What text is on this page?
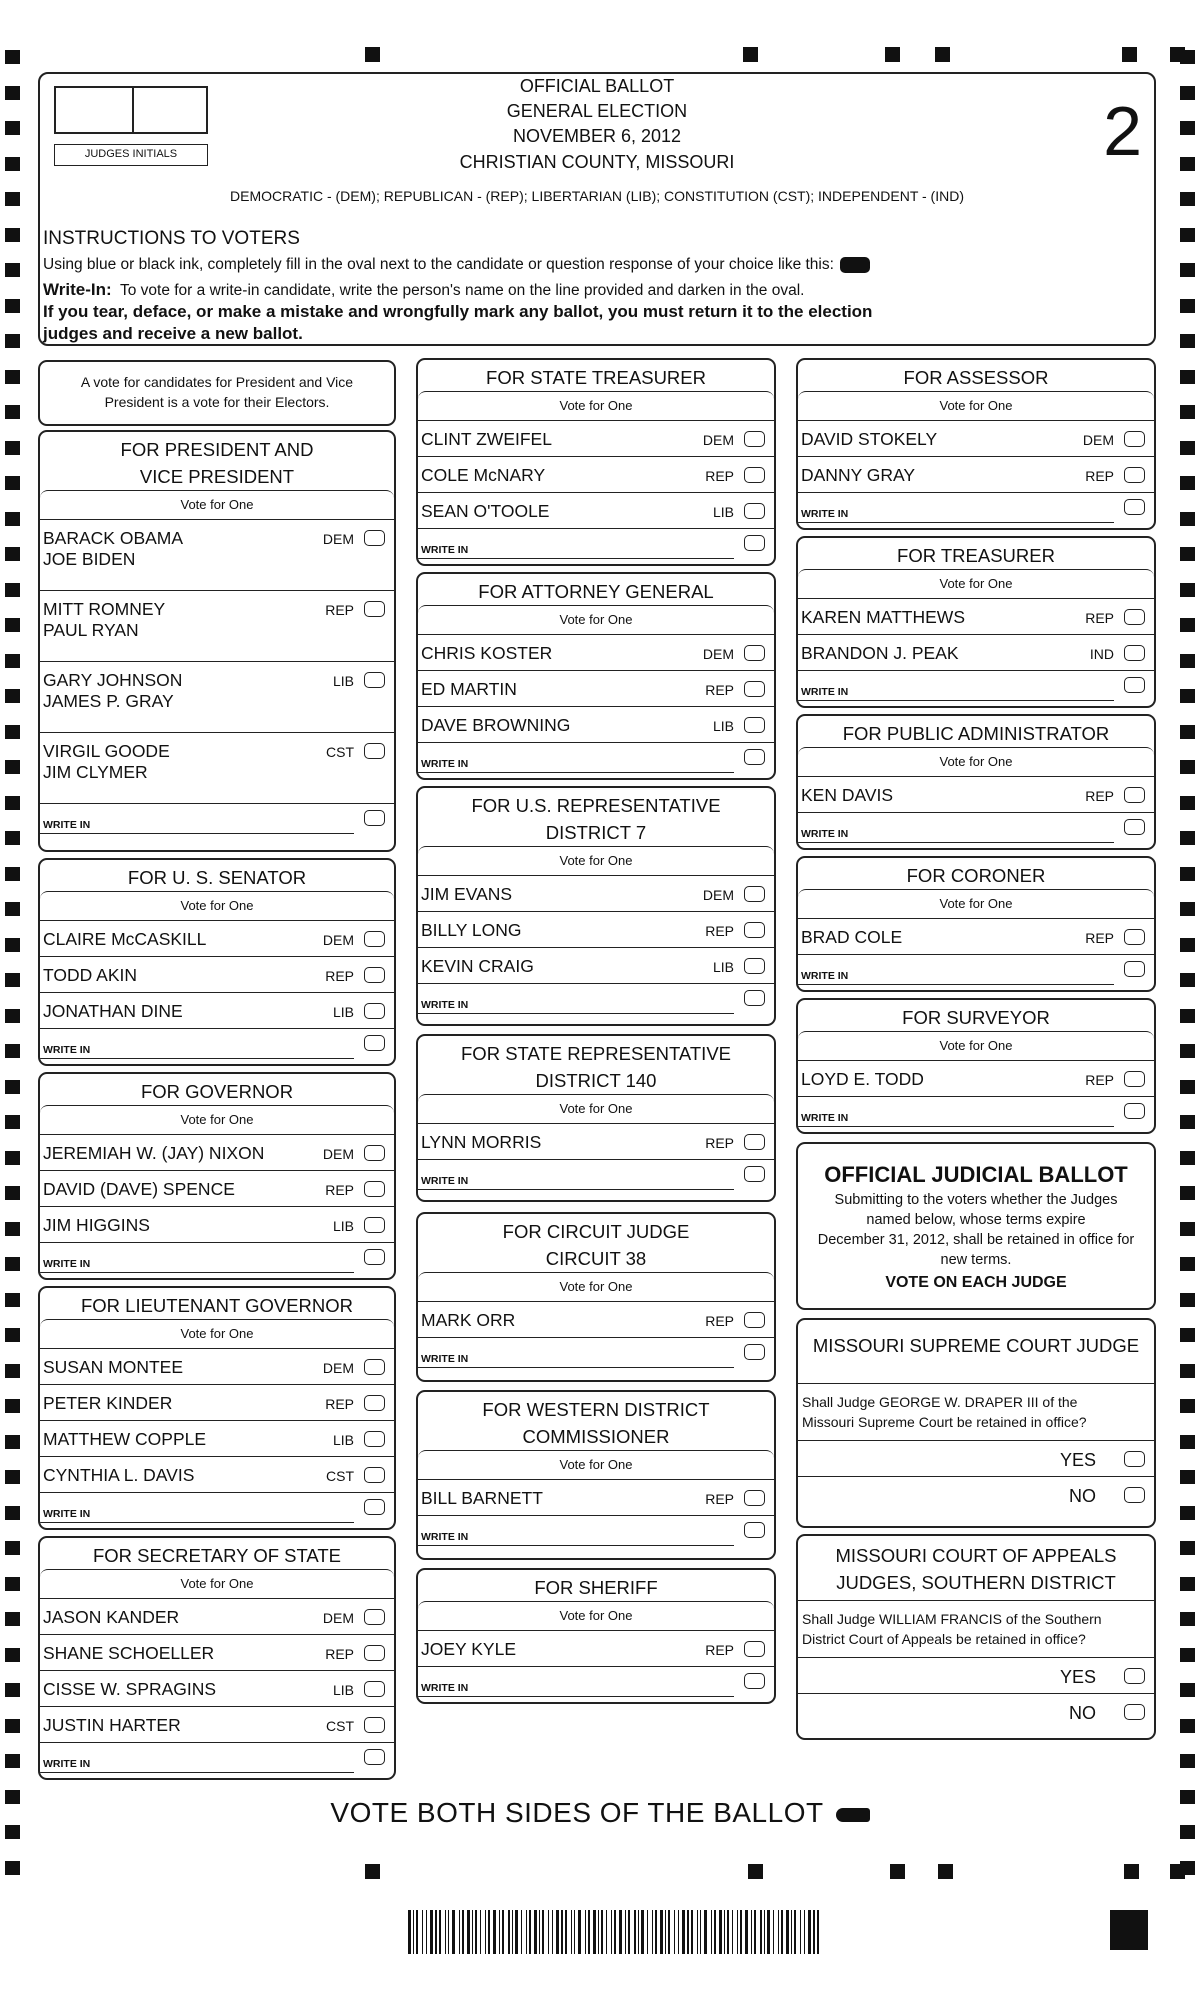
JUDGES INITIALS	2
OFFICIAL BALLOT
GENERAL ELECTION
NOVEMBER 6, 2012
CHRISTIAN COUNTY, MISSOURI
DEMOCRATIC - (DEM); REPUBLICAN - (REP); LIBERTARIAN (LIB); CONSTITUTION (CST); INDEPENDENT - (IND)
INSTRUCTIONS TO VOTERS
Using blue or black ink, completely fill in the oval next to the candidate or question response of your choice like this:
Write-In: To vote for a write-in candidate, write the person's name on the line provided and darken in the oval.
If you tear, deface, or make a mistake and wrongfully mark any ballot, you must return it to the election
judges and receive a new ballot.
A vote for candidates for President and Vice
President is a vote for their Electors.
FOR PRESIDENT AND
VICE PRESIDENT
Vote for One
BARACK OBAMA
JOE BIDEN
DEM
MITT ROMNEY
PAUL RYAN
REP
GARY JOHNSON
JAMES P. GRAY
LIB
VIRGIL GOODE
JIM CLYMER
CST
WRITE IN
FOR U. S. SENATOR
Vote for One
CLAIRE McCASKILL	DEM
TODD AKIN	REP
JONATHAN DINE	LIB
WRITE IN
FOR GOVERNOR
Vote for One
JEREMIAH W. (JAY) NIXON	DEM
DAVID (DAVE) SPENCE	REP
JIM HIGGINS	LIB
WRITE IN
FOR LIEUTENANT GOVERNOR
Vote for One
SUSAN MONTEE	DEM
PETER KINDER	REP
MATTHEW COPPLE	LIB
CYNTHIA L. DAVIS	CST
WRITE IN
FOR SECRETARY OF STATE
Vote for One
JASON KANDER	DEM
SHANE SCHOELLER	REP
CISSE W. SPRAGINS	LIB
JUSTIN HARTER	CST
WRITE IN
FOR STATE TREASURER
Vote for One
CLINT ZWEIFEL	DEM
COLE McNARY	REP
SEAN O'TOOLE	LIB
WRITE IN
FOR ATTORNEY GENERAL
Vote for One
CHRIS KOSTER	DEM
ED MARTIN	REP
DAVE BROWNING	LIB
WRITE IN
FOR U.S. REPRESENTATIVE
DISTRICT 7
Vote for One
JIM EVANS	DEM
BILLY LONG	REP
KEVIN CRAIG	LIB
WRITE IN
FOR STATE REPRESENTATIVE
DISTRICT 140
Vote for One
LYNN MORRIS	REP
WRITE IN
FOR CIRCUIT JUDGE
CIRCUIT 38
Vote for One
MARK ORR	REP
WRITE IN
FOR WESTERN DISTRICT
COMMISSIONER
Vote for One
BILL BARNETT	REP
WRITE IN
FOR SHERIFF
Vote for One
JOEY KYLE	REP
WRITE IN
FOR ASSESSOR
Vote for One
DAVID STOKELY	DEM
DANNY GRAY	REP
WRITE IN
FOR TREASURER
Vote for One
KAREN MATTHEWS	REP
BRANDON J. PEAK	IND
WRITE IN
FOR PUBLIC ADMINISTRATOR
Vote for One
KEN DAVIS	REP
WRITE IN
FOR CORONER
Vote for One
BRAD COLE	REP
WRITE IN
FOR SURVEYOR
Vote for One
LOYD E. TODD	REP
WRITE IN
OFFICIAL JUDICIAL BALLOT
Submitting to the voters whether the Judges
named below, whose terms expire
December 31, 2012, shall be retained in office for
new terms.
VOTE ON EACH JUDGE
MISSOURI SUPREME COURT JUDGE
Shall Judge GEORGE W. DRAPER III of the
Missouri Supreme Court be retained in office?
YES
NO
MISSOURI COURT OF APPEALS
JUDGES, SOUTHERN DISTRICT
Shall Judge WILLIAM FRANCIS of the Southern
District Court of Appeals be retained in office?
YES
NO
VOTE BOTH SIDES OF THE BALLOT
